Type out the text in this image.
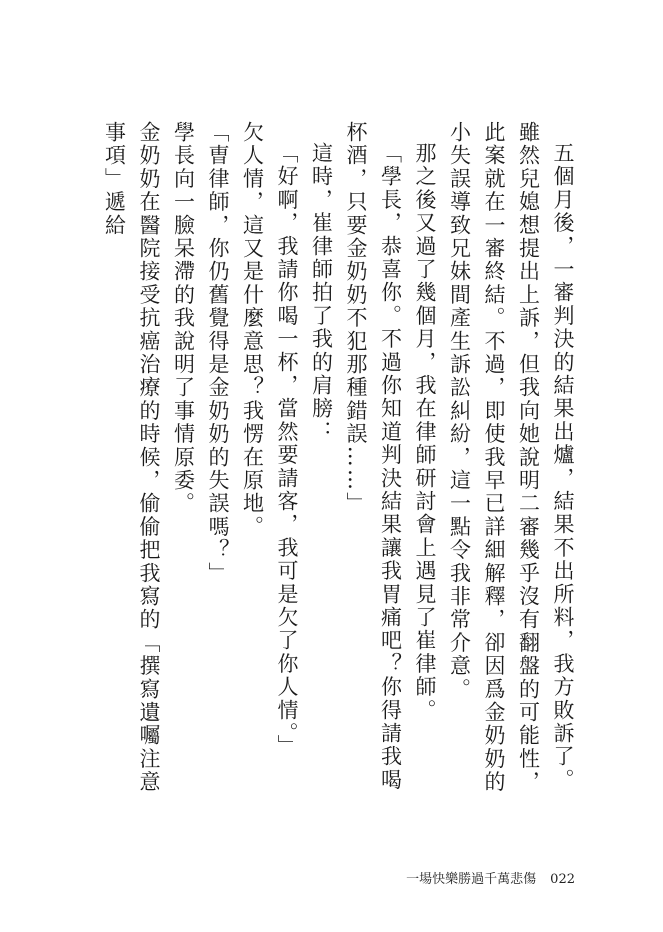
五個月後，一審判決的結果出爐，結果不出所料，我方敗訴了。雖然兒媳想提出上訴，但我向她說明二審幾乎沒有翻盤的可能性，此案就在一審終結。不過，即使我早已詳細解釋，卻因爲金奶奶的小失誤導致兄妹間產生訴訟糾紛，這一點令我非常介意。

那之後又過了幾個月，我在律師研討會上遇見了崔律師。

「學長，恭喜你。不過你知道判決結果讓我胃痛吧？你得請我喝杯酒，只要金奶奶不犯那種錯誤……」

這時，崔律師拍了我的肩膀：

「好啊，我請你喝一杯，當然要請客，我可是欠了你人情。」

欠人情，這又是什麼意思？我愣在原地。

「曺律師，你仍舊覺得是金奶奶的失誤嗎？」

學長向一臉呆滯的我說明了事情原委。

金奶奶在醫院接受抗癌治療的時候，偷偷把我寫的「撰寫遺囑注意事項」遞給

一場快樂勝過千萬悲傷 022
